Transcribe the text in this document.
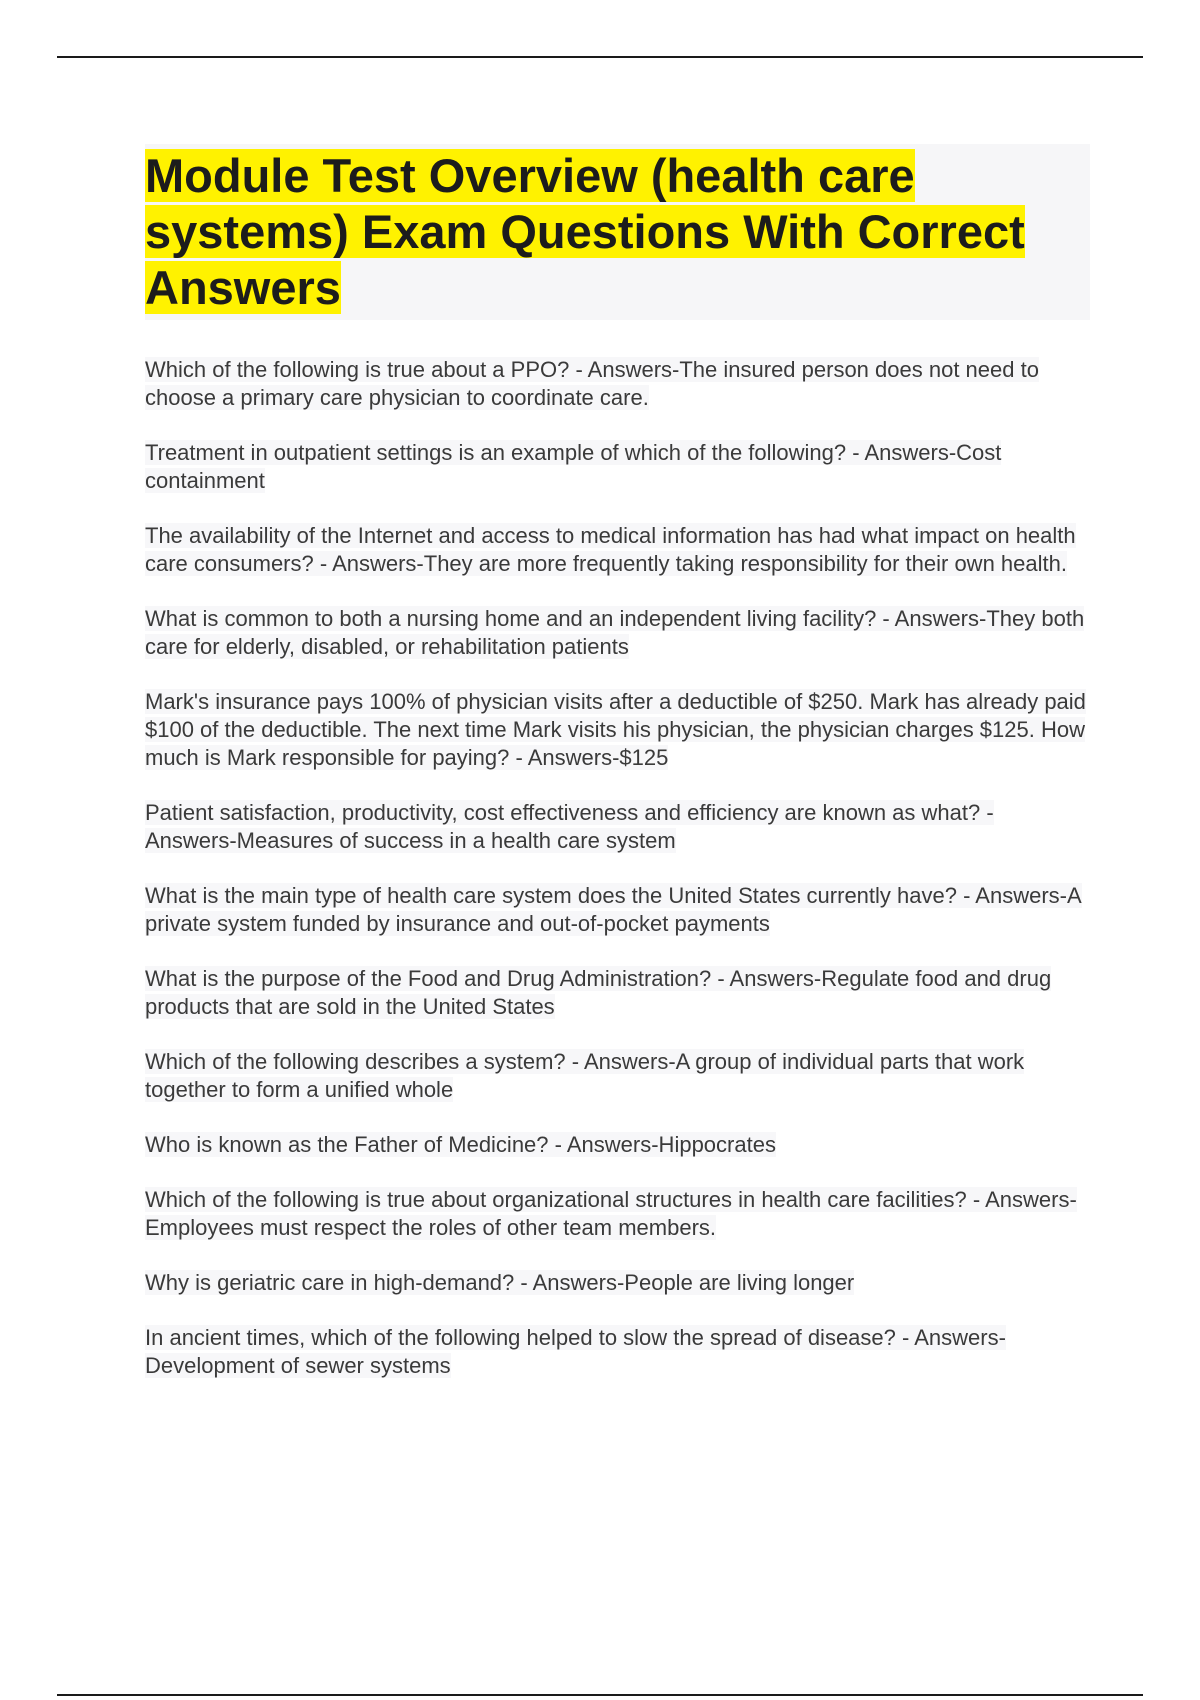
Module Test Overview (health care systems) Exam Questions With Correct Answers
Which of the following is true about a PPO? - Answers-The insured person does not need to choose a primary care physician to coordinate care.
Treatment in outpatient settings is an example of which of the following? - Answers-Cost containment
The availability of the Internet and access to medical information has had what impact on health care consumers? - Answers-They are more frequently taking responsibility for their own health.
What is common to both a nursing home and an independent living facility? - Answers-They both care for elderly, disabled, or rehabilitation patients
Mark's insurance pays 100% of physician visits after a deductible of $250. Mark has already paid $100 of the deductible. The next time Mark visits his physician, the physician charges $125. How much is Mark responsible for paying? - Answers-$125
Patient satisfaction, productivity, cost effectiveness and efficiency are known as what? - Answers-Measures of success in a health care system
What is the main type of health care system does the United States currently have? - Answers-A private system funded by insurance and out-of-pocket payments
What is the purpose of the Food and Drug Administration? - Answers-Regulate food and drug products that are sold in the United States
Which of the following describes a system? - Answers-A group of individual parts that work together to form a unified whole
Who is known as the Father of Medicine? - Answers-Hippocrates
Which of the following is true about organizational structures in health care facilities? - Answers-Employees must respect the roles of other team members.
Why is geriatric care in high-demand? - Answers-People are living longer
In ancient times, which of the following helped to slow the spread of disease? - Answers-Development of sewer systems
